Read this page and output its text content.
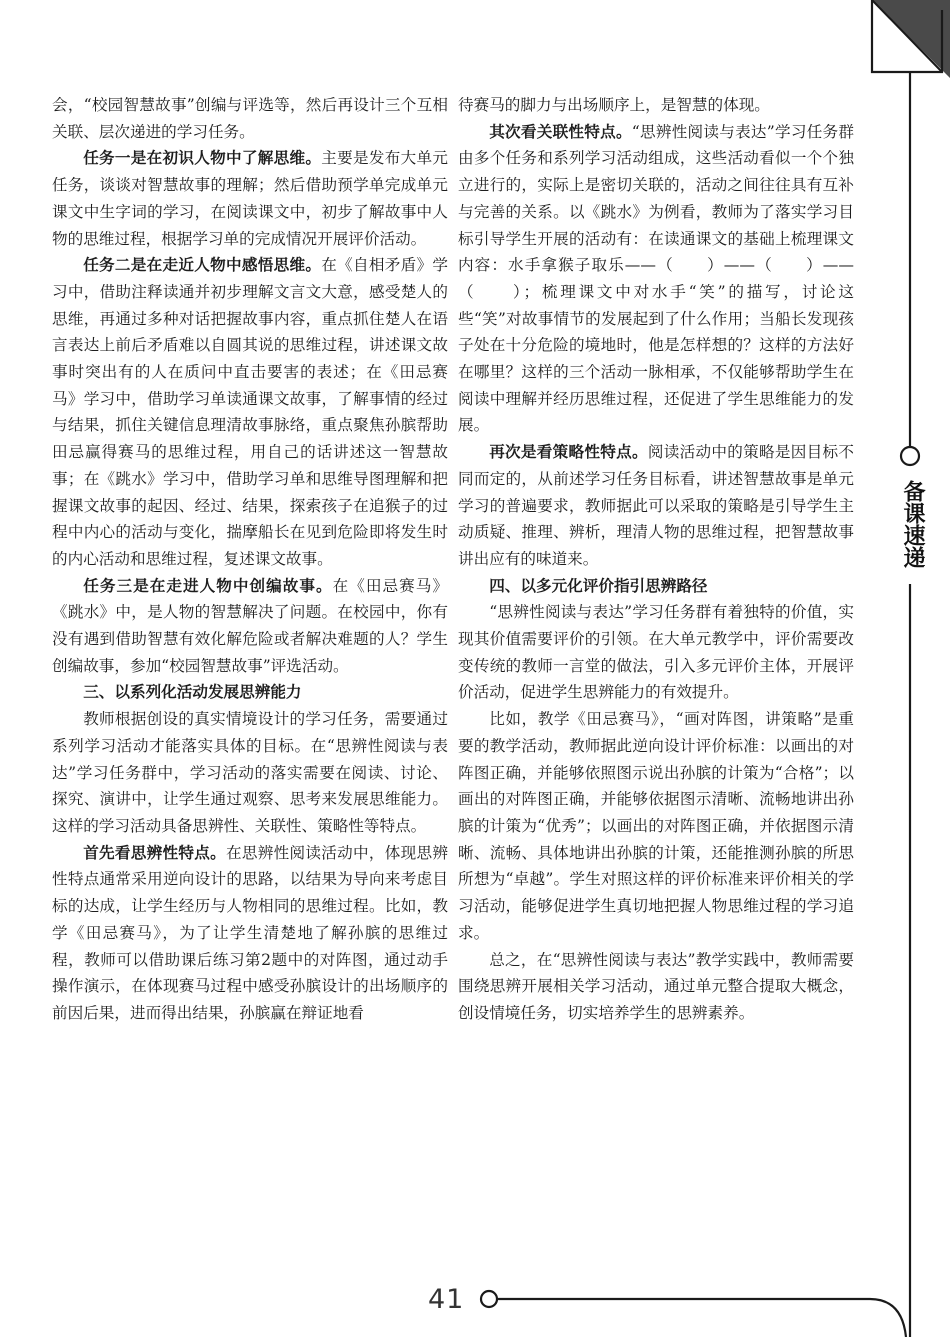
备课速递

会，“校园智慧故事”创编与评选等，然后再设计三个互相关联、层次递进的学习任务。

任务一是在初识人物中了解思维。主要是发布大单元任务，谈谈对智慧故事的理解；然后借助预学单完成单元课文中生字词的学习，在阅读课文中，初步了解故事中人物的思维过程，根据学习单的完成情况开展评价活动。

任务二是在走近人物中感悟思维。在《自相矛盾》学习中，借助注释读通并初步理解文言文大意，感受楚人的思维，再通过多种对话把握故事内容，重点抓住楚人在语言表达上前后矛盾难以自圆其说的思维过程，讲述课文故事时突出有的人在质问中直击要害的表述；在《田忌赛马》学习中，借助学习单读通课文故事，了解事情的经过与结果，抓住关键信息理清故事脉络，重点聚焦孙膑帮助田忌赢得赛马的思维过程，用自己的话讲述这一智慧故事；在《跳水》学习中，借助学习单和思维导图理解和把握课文故事的起因、经过、结果，探索孩子在追猴子的过程中内心的活动与变化，揣摩船长在见到危险即将发生时的内心活动和思维过程，复述课文故事。

任务三是在走进人物中创编故事。在《田忌赛马》《跳水》中，是人物的智慧解决了问题。在校园中，你有没有遇到借助智慧有效化解危险或者解决难题的人？学生创编故事，参加“校园智慧故事”评选活动。

三、以系列化活动发展思辨能力

教师根据创设的真实情境设计的学习任务，需要通过系列学习活动才能落实具体的目标。在“思辨性阅读与表达”学习任务群中，学习活动的落实需要在阅读、讨论、探究、演讲中，让学生通过观察、思考来发展思维能力。这样的学习活动具备思辨性、关联性、策略性等特点。

首先看思辨性特点。在思辨性阅读活动中，体现思辨性特点通常采用逆向设计的思路，以结果为导向来考虑目标的达成，让学生经历与人物相同的思维过程。比如，教学《田忌赛马》，为了让学生清楚地了解孙膑的思维过程，教师可以借助课后练习第2题中的对阵图，通过动手操作演示，在体现赛马过程中感受孙膑设计的出场顺序的前因后果，进而得出结果，孙膑赢在辩证地看

待赛马的脚力与出场顺序上，是智慧的体现。

其次看关联性特点。“思辨性阅读与表达”学习任务群由多个任务和系列学习活动组成，这些活动看似一个个独立进行的，实际上是密切关联的，活动之间往往具有互补与完善的关系。以《跳水》为例看，教师为了落实学习目标引导学生开展的活动有：在读通课文的基础上梳理课文内容：水手拿猴子取乐——（　　）——（　　）——（　　）；梳理课文中对水手“笑”的描写，讨论这些“笑”对故事情节的发展起到了什么作用；当船长发现孩子处在十分危险的境地时，他是怎样想的？这样的方法好在哪里？这样的三个活动一脉相承，不仅能够帮助学生在阅读中理解并经历思维过程，还促进了学生思维能力的发展。

再次是看策略性特点。阅读活动中的策略是因目标不同而定的，从前述学习任务目标看，讲述智慧故事是单元学习的普遍要求，教师据此可以采取的策略是引导学生主动质疑、推理、辨析，理清人物的思维过程，把智慧故事讲出应有的味道来。

四、以多元化评价指引思辨路径

“思辨性阅读与表达”学习任务群有着独特的价值，实现其价值需要评价的引领。在大单元教学中，评价需要改变传统的教师一言堂的做法，引入多元评价主体，开展评价活动，促进学生思辨能力的有效提升。

比如，教学《田忌赛马》，“画对阵图，讲策略”是重要的教学活动，教师据此逆向设计评价标准：以画出的对阵图正确，并能够依照图示说出孙膑的计策为“合格”；以画出的对阵图正确，并能够依据图示清晰、流畅地讲出孙膑的计策为“优秀”；以画出的对阵图正确，并依据图示清晰、流畅、具体地讲出孙膑的计策，还能推测孙膑的所思所想为“卓越”。学生对照这样的评价标准来评价相关的学习活动，能够促进学生真切地把握人物思维过程的学习追求。

总之，在“思辨性阅读与表达”教学实践中，教师需要围绕思辨开展相关学习活动，通过单元整合提取大概念，创设情境任务，切实培养学生的思辨素养。

41
